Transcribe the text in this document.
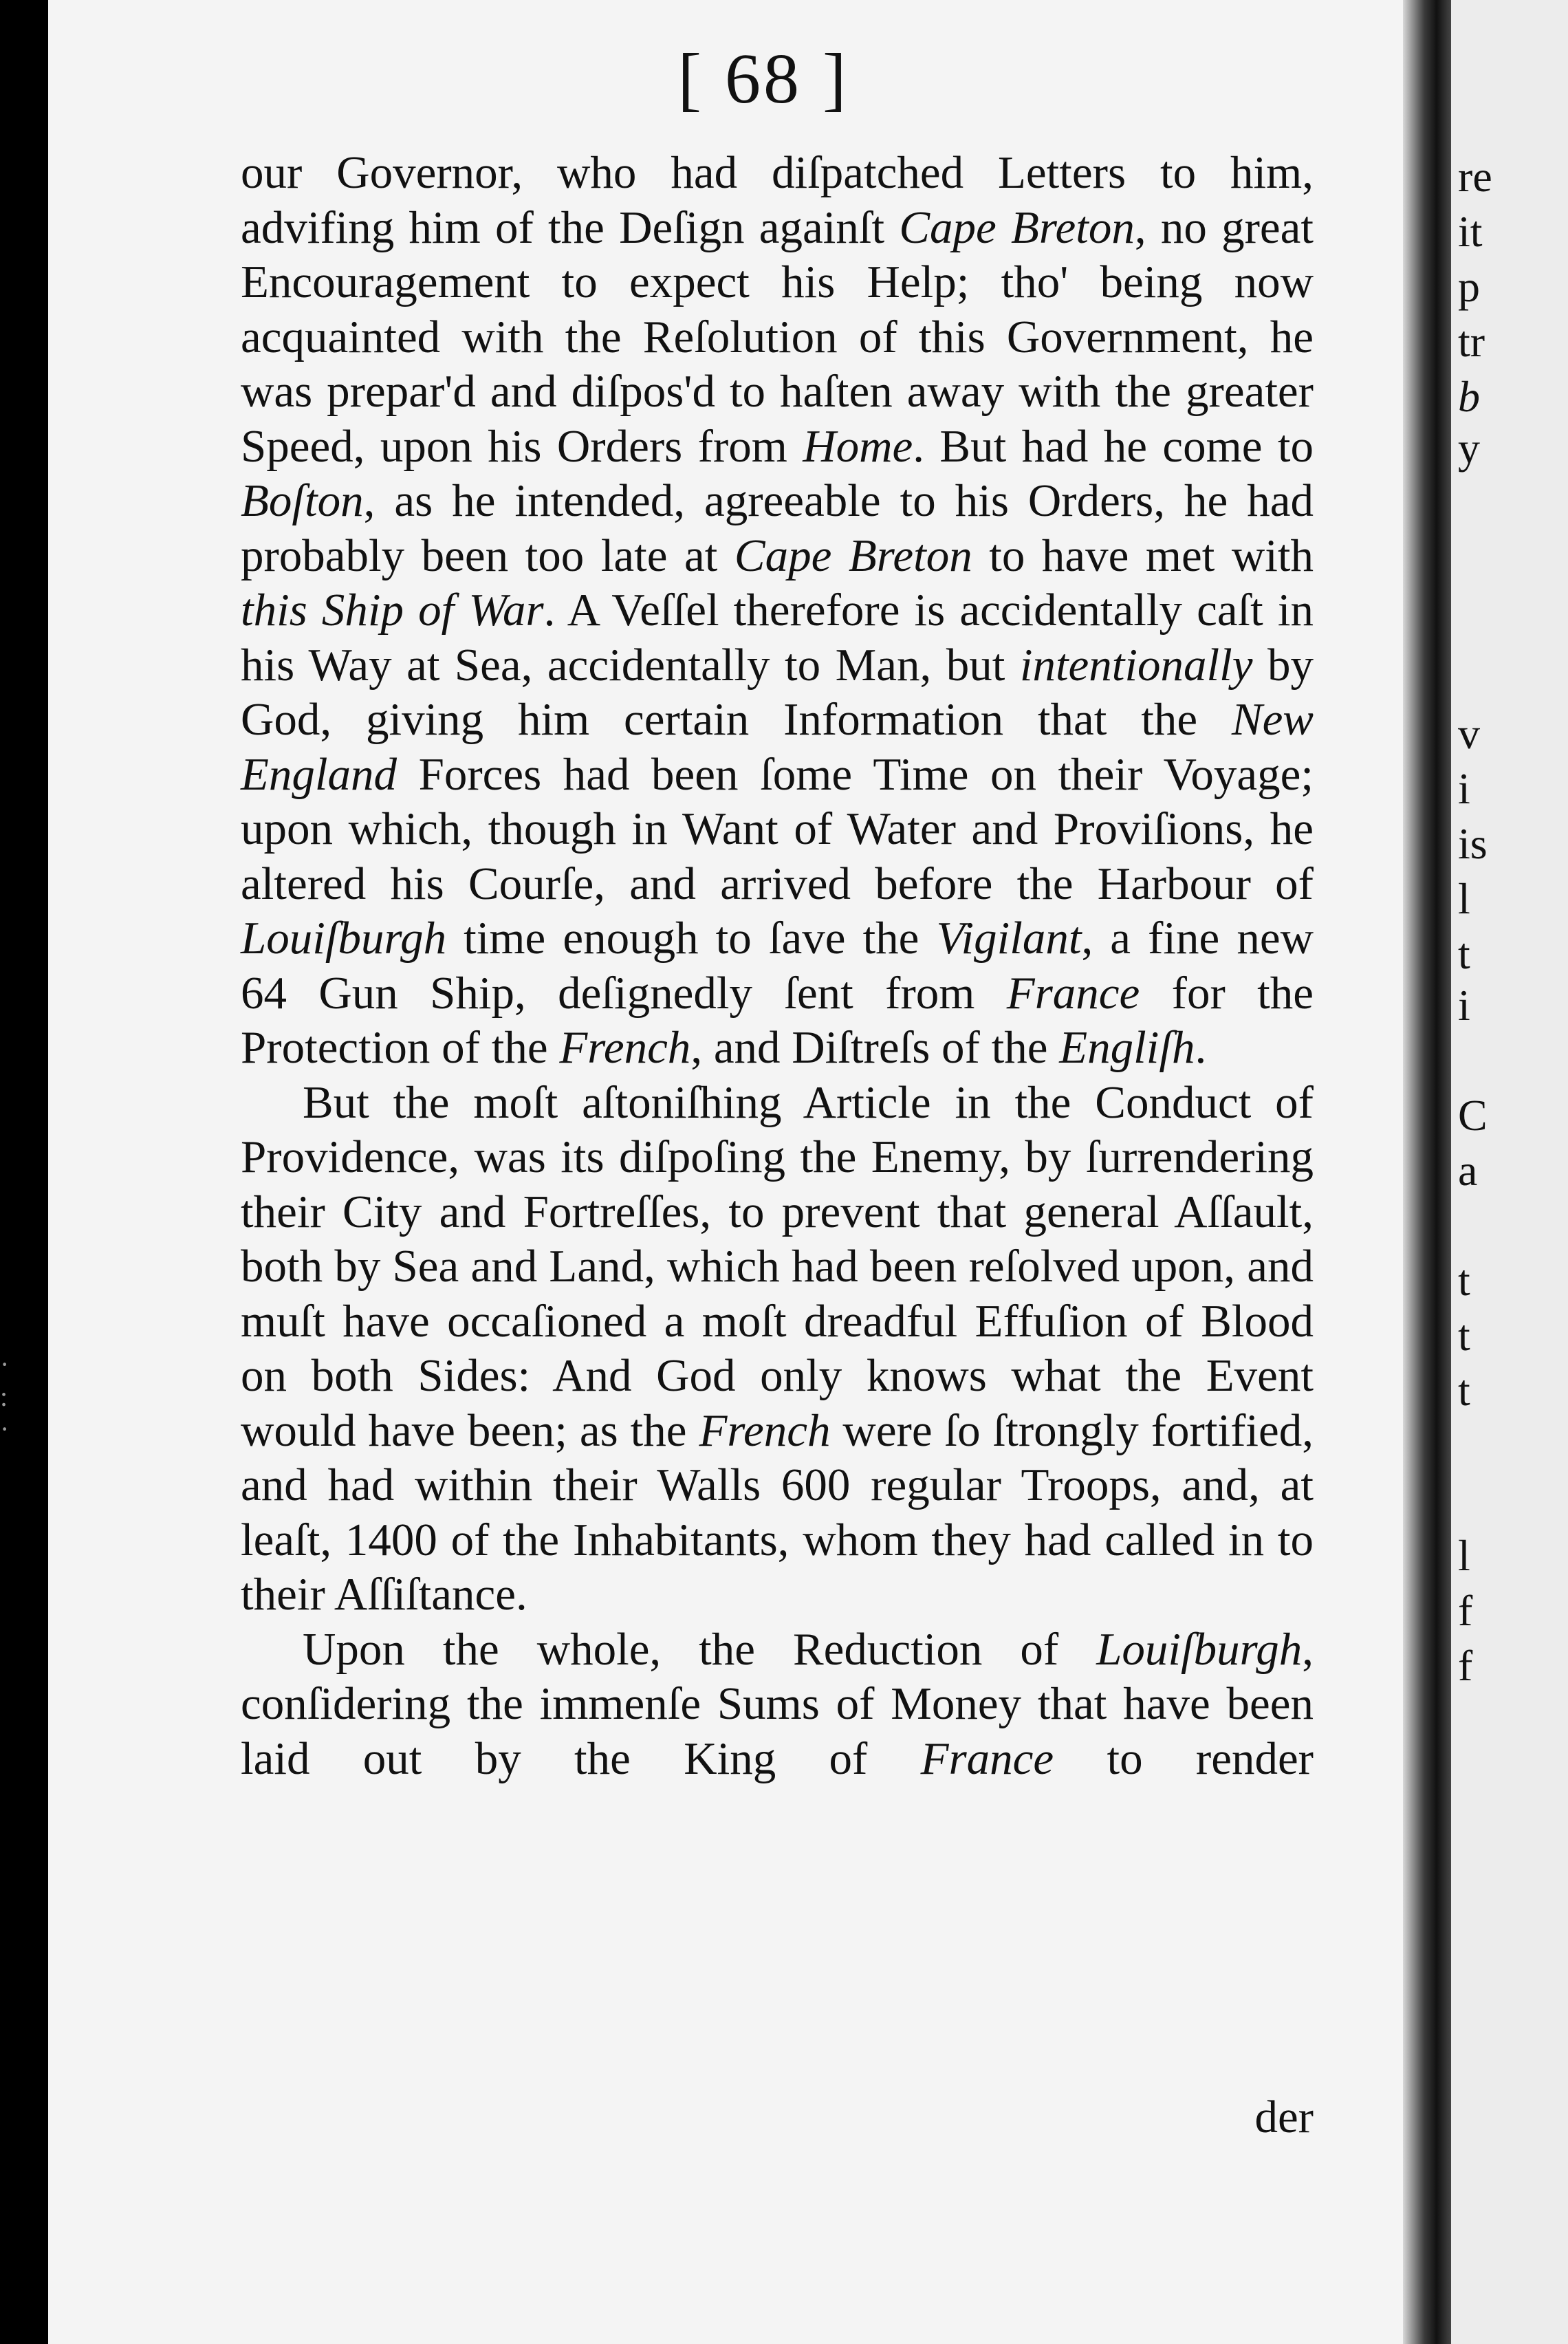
·
:
·
[ 68 ]

our Governor, who had diſpatched Letters to him, advifing him of the Deſign againſt Cape Breton, no great Encouragement to expect his Help; tho' being now acquainted with the Reſolution of this Government, he was prepar'd and diſpos'd to haſten away with the greater Speed, upon his Orders from Home. But had he come to Boſton, as he intended, agreeable to his Orders, he had probably been too late at Cape Breton to have met with this Ship of War. A Veſſel therefore is accidentally caſt in his Way at Sea, accidentally to Man, but intentionally by God, giving him certain Information that the New England Forces had been ſome Time on their Voyage; upon which, though in Want of Water and Proviſions, he altered his Courſe, and arrived before the Harbour of Louiſburgh time enough to ſave the Vigilant, a fine new 64 Gun Ship, deſignedly ſent from France for the Protection of the French, and Diſtreſs of the Engliſh.

But the moſt aſtoniſhing Article in the Conduct of Providence, was its diſpoſing the Enemy, by ſurrendering their City and Fortreſſes, to prevent that general Aſſault, both by Sea and Land, which had been reſolved upon, and muſt have occaſioned a moſt dreadful Effuſion of Blood on both Sides: And God only knows what the Event would have been; as the French were ſo ſtrongly fortified, and had within their Walls 600 regular Troops, and, at leaſt, 1400 of the Inhabitants, whom they had called in to their Aſſiſtance.

Upon the whole, the Reduction of Louiſburgh, conſidering the immenſe Sums of Money that have been laid out by the King of France to render

der
re
it
p
tr
b
y
v
i
is
l
t
i
C
a
t
t
t
l
f
f
